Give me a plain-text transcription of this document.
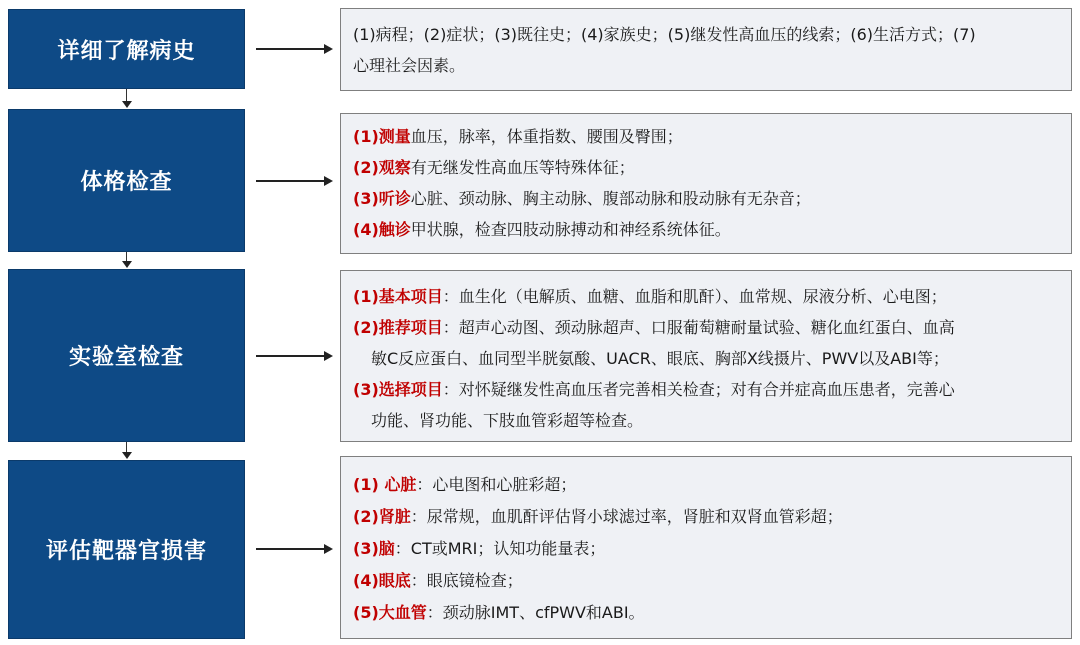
详细了解病史
(1)病程；(2)症状；(3)既往史；(4)家族史；(5)继发性高血压的线索；(6)生活方式；(7)
心理社会因素。
体格检查
(1)测量血压，脉率，体重指数、腰围及臀围；
(2)观察有无继发性高血压等特殊体征；
(3)听诊心脏、颈动脉、胸主动脉、腹部动脉和股动脉有无杂音；
(4)触诊甲状腺，检查四肢动脉搏动和神经系统体征。
实验室检查
(1)基本项目：血生化（电解质、血糖、血脂和肌酐）、血常规、尿液分析、心电图；
(2)推荐项目：超声心动图、颈动脉超声、口服葡萄糖耐量试验、糖化血红蛋白、血高
敏C反应蛋白、血同型半胱氨酸、UACR、眼底、胸部X线摄片、PWV以及ABI等；
(3)选择项目：对怀疑继发性高血压者完善相关检查；对有合并症高血压患者，完善心
功能、肾功能、下肢血管彩超等检查。
评估靶器官损害
(1) 心脏：心电图和心脏彩超；
(2)肾脏：尿常规，血肌酐评估肾小球滤过率，肾脏和双肾血管彩超；
(3)脑：CT或MRI；认知功能量表；
(4)眼底：眼底镜检查；
(5)大血管：颈动脉IMT、cfPWV和ABI。
